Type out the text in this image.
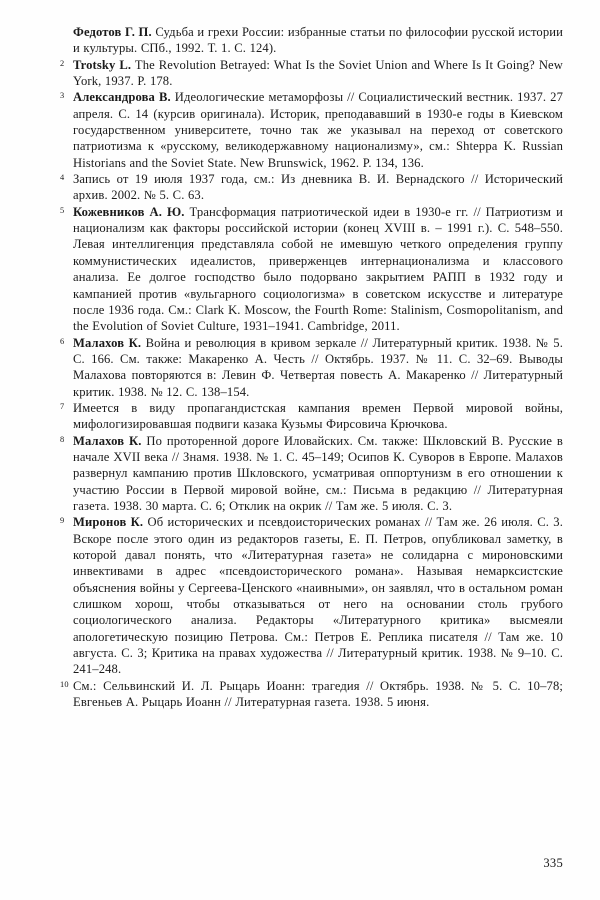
Федотов Г. П. Судьба и грехи России: избранные статьи по философии русской истории и культуры. СПб., 1992. Т. 1. С. 124).
2 Trotsky L. The Revolution Betrayed: What Is the Soviet Union and Where Is It Going? New York, 1937. P. 178.
3 Александрова В. Идеологические метаморфозы // Социалистический вестник. 1937. 27 апреля. С. 14 (курсив оригинала). Историк, преподававший в 1930-е годы в Киевском государственном университете, точно так же указывал на переход от советского патриотизма к «русскому, великодержавному национализму», см.: Shteppa K. Russian Historians and the Soviet State. New Brunswick, 1962. P. 134, 136.
4 Запись от 19 июля 1937 года, см.: Из дневника В. И. Вернадского // Исторический архив. 2002. № 5. С. 63.
5 Кожевников А. Ю. Трансформация патриотической идеи в 1930-е гг. // Патриотизм и национализм как факторы российской истории (конец XVIII в. – 1991 г.). С. 548–550. Левая интеллигенция представляла собой не имевшую четкого определения группу коммунистических идеалистов, приверженцев интернационализма и классового анализа. Ее долгое господство было подорвано закрытием РАПП в 1932 году и кампанией против «вульгарного социологизма» в советском искусстве и литературе после 1936 года. См.: Clark K. Moscow, the Fourth Rome: Stalinism, Cosmopolitanism, and the Evolution of Soviet Culture, 1931–1941. Cambridge, 2011.
6 Малахов К. Война и революция в кривом зеркале // Литературный критик. 1938. № 5. С. 166. См. также: Макаренко А. Честь // Октябрь. 1937. № 11. С. 32–69. Выводы Малахова повторяются в: Левин Ф. Четвертая повесть А. Макаренко // Литературный критик. 1938. № 12. С. 138–154.
7 Имеется в виду пропагандистская кампания времен Первой мировой войны, мифологизировавшая подвиги казака Кузьмы Фирсовича Крючкова.
8 Малахов К. По проторенной дороге Иловайских. См. также: Шкловский В. Русские в начале XVII века // Знамя. 1938. № 1. С. 45–149; Осипов К. Суворов в Европе. Малахов развернул кампанию против Шкловского, усматривая оппортунизм в его отношении к участию России в Первой мировой войне, см.: Письма в редакцию // Литературная газета. 1938. 30 марта. С. 6; Отклик на окрик // Там же. 5 июля. С. 3.
9 Миронов К. Об исторических и псевдоисторических романах // Там же. 26 июля. С. 3. Вскоре после этого один из редакторов газеты, Е. П. Петров, опубликовал заметку, в которой давал понять, что «Литературная газета» не солидарна с мироновскими инвективами в адрес «псевдоисторического романа». Называя немарксистские объяснения войны у Сергеева-Ценского «наивными», он заявлял, что в остальном роман слишком хорош, чтобы отказываться от него на основании столь грубого социологического анализа. Редакторы «Литературного критика» высмеяли апологетическую позицию Петрова. См.: Петров Е. Реплика писателя // Там же. 10 августа. С. 3; Критика на правах художества // Литературный критик. 1938. № 9–10. С. 241–248.
10 См.: Сельвинский И. Л. Рыцарь Иоанн: трагедия // Октябрь. 1938. № 5. С. 10–78; Евгеньев А. Рыцарь Иоанн // Литературная газета. 1938. 5 июня.
335
